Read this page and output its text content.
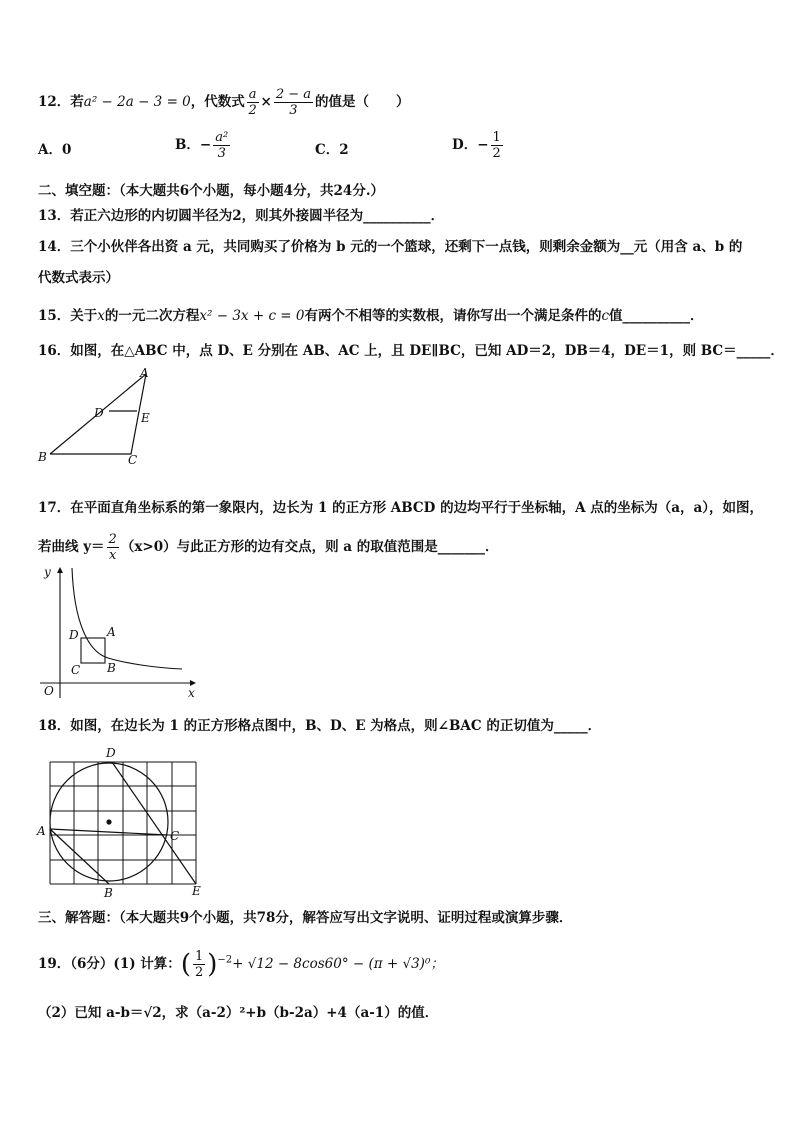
12．若a² − 2a − 3 = 0，代数式 $\frac{a}{2} \times \frac{2 - a}{3}$ 的值是（　　）
A．0	B．− $\frac{\text{a²}}{3}$	C．2	D．− $\frac{1}{2}$
二、填空题：（本大题共6个小题，每小题4分，共24分.）
13．若正六边形的内切圆半径为2，则其外接圆半径为__________．
14．三个小伙伴各出资 a 元，共同购买了价格为 b 元的一个篮球，还剩下一点钱，则剩余金额为__元（用含 a、b 的
代数式表示）
15．关于x的一元二次方程x² − 3x + c = 0有两个不相等的实数根，请你写出一个满足条件的c值__________．
16．如图，在△ABC 中，点 D、E 分别在 AB、AC 上，且 DE∥BC，已知 AD＝2，DB＝4，DE＝1，则 BC＝_____．
A
D	E
B	C
17．在平面直角坐标系的第一象限内，边长为 1 的正方形 ABCD 的边均平行于坐标轴，A 点的坐标为（a，a），如图，
若曲线 $y= \frac{2}{x} (x>0)$与此正方形的边有交点，则 a 的取值范围是_______．
y
x
O
D A
C B
18．如图，在边长为 1 的正方形格点图中，B、D、E 为格点，则∠BAC 的正切值为_____．
D
A	C
B	E
三、解答题：（本大题共9个小题，共78分，解答应写出文字说明、证明过程或演算步骤．
19．（6分）(1) 计算：( $\frac{1}{2} )^{-2}+ √12 - 8\cos 60^\circ - (\pi + √3)^0$；
（2）已知 a-b＝√2，求（a-2）²+b（b-2a）+4（a-1）的值．
